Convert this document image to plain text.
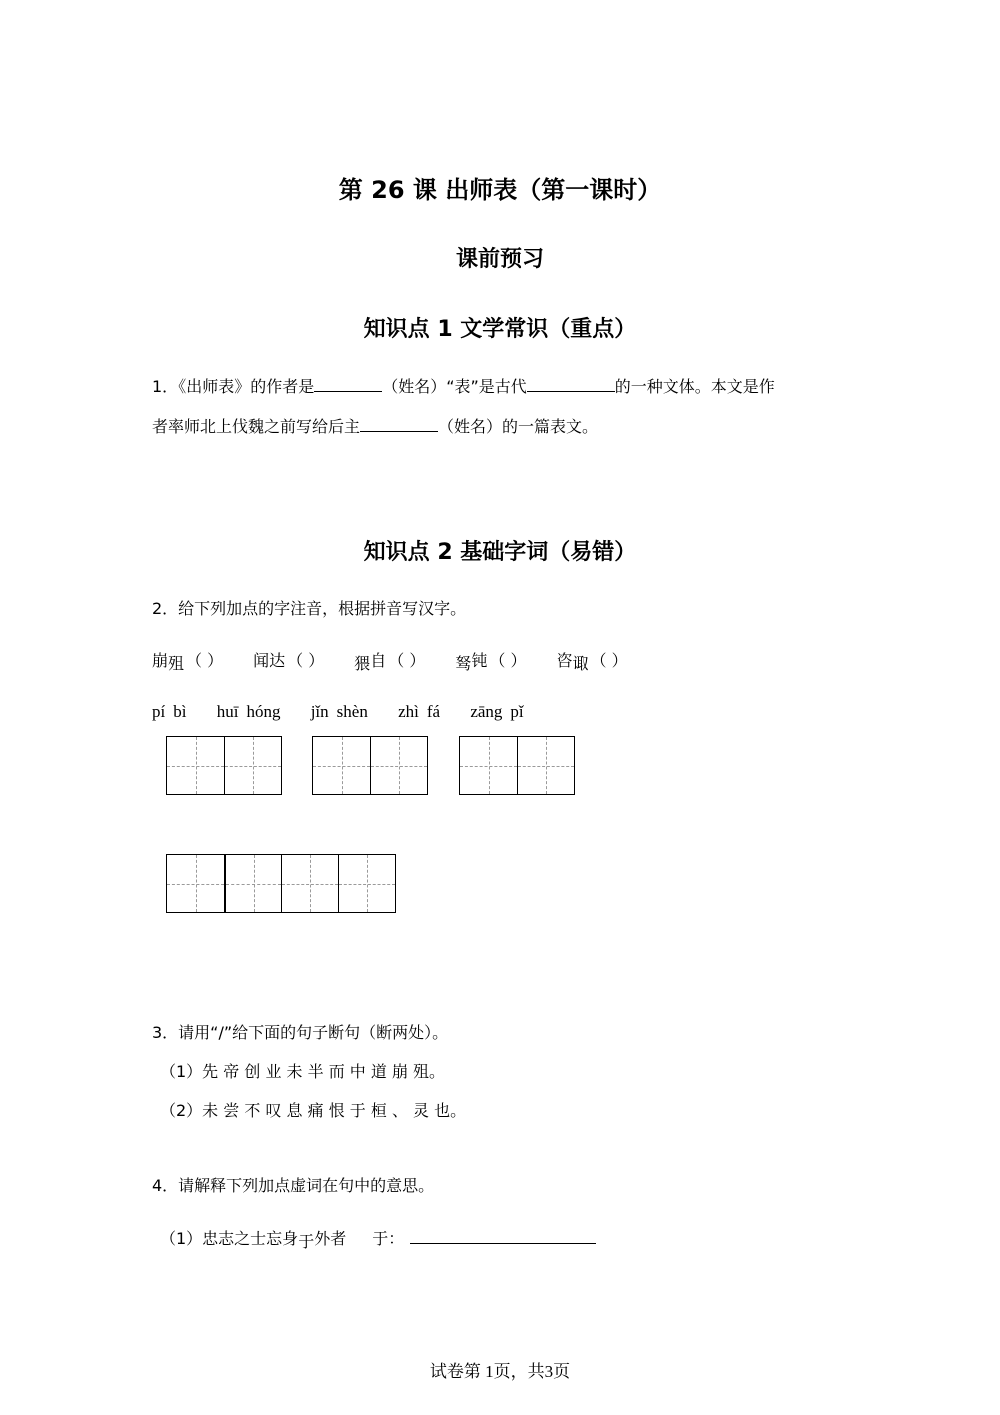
第 26 课 出师表（第一课时）
课前预习
知识点 1 文学常识（重点）
1．《出师表》的作者是	（姓名）“表”是古代	的一种文体。本文是作
者率师北上伐魏之前写给后主	（姓名）的一篇表文。
知识点 2 基础字词（易错）
2．给下列加点的字注音，根据拼音写汉字。
崩殂 （ ） 闻达 （ ） 猥自 （ ） 驽钝 （ ） 咨诹 （ ）
pí bì huī hóng jǐn shèn zhì fá zāng pǐ
3．请用“/”给下面的句子断句（断两处）。
（1）先 帝 创 业 未 半 而 中 道 崩 殂。
（2）未 尝 不 叹 息 痛 恨 于 桓 、 灵 也。
4．请解释下列加点虚词在句中的意思。
（1）忠志之士忘身于外者 于：
试卷第 1页，共3页
